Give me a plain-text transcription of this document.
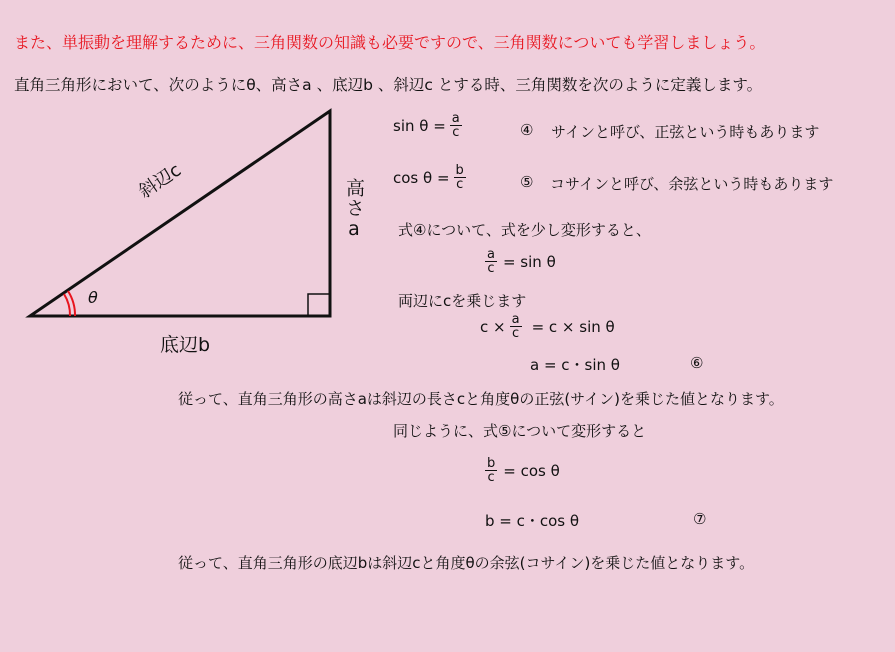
また、単振動を理解するために、三角関数の知識も必要ですので、三角関数についても学習しましょう。
直角三角形において、次のようにθ、高さa 、底辺b 、斜辺c とする時、三角関数を次のように定義します。
斜辺c	高さa
底辺b
θ
$\sin \theta = \frac{a}{c}$	④ サインと呼び、正弦という時もあります
$\cos \theta = \frac{b}{c}$	⑤ コサインと呼び、余弦という時もあります
式④について、式を少し変形すると、
$\frac{a}{c} = \sin \theta$
両辺にcを乗じます
$c \times \frac{a}{c} = c \times \sin \theta$
a = c・sin θ	⑥
従って、直角三角形の高さaは斜辺の長さcと角度θの正弦(サイン)を乗じた値となります。
同じように、式⑤について変形すると
$\frac{b}{c} = \cos \theta$
b = c・cos θ	⑦
従って、直角三角形の底辺bは斜辺cと角度θの余弦(コサイン)を乗じた値となります。
